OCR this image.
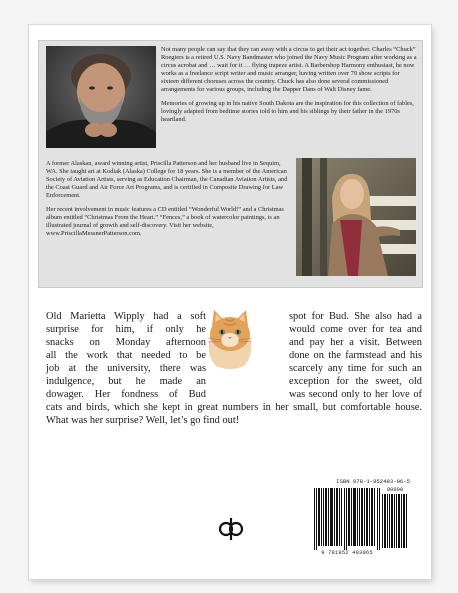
Not many people can say that they ran away with a circus to get their act together. Charles “Chuck” Roegiers is a retired U.S. Navy Bandmaster who joined the Navy Music Program after working as a circus acrobat and … wait for it … flying trapeze artist. A Barbershop Harmony enthusiast, he now works as a freelance script writer and music arranger, having written over 70 show scripts for sixteen different choruses across the country. Chuck has also done several commissioned arrangements for various groups, including the Dapper Dans of Walt Disney fame.

Memories of growing up in his native South Dakota are the inspiration for this collection of fables, lovingly adapted from bedtime stories told to him and his siblings by their father in the 1970s heartland.

A former Alaskan, award winning artist, Priscilla Patterson and her husband live in Sequim, WA. She taught art at Kodiak (Alaska) College for 18 years. She is a member of the American Society of Aviation Artists, serving as Education Chairman, the Canadian Aviation Artists, and the Coast Guard and Air Force Art Programs, and is certified in Composite Drawing for Law Enforcement.

Her recent involvement in music features a CD entitled “Wonderful World!” and a Christmas album entitled “Christmas From the Heart.” “Fences,” a book of watercolor paintings, is an illustrated journal of growth and self-discovery. Visit her website, www.PriscillaMessnerPatterson.com.

Old Marietta Wipply had a soft
surprise for him, if only he
snacks on Monday afternoon
all the work that needed to be
job at the university, there was
indulgence, but he made an
dowager. Her fondness of Bud
spot for Bud. She also had a
would come over for tea and
and pay her a visit. Between
done on the farmstead and his
scarcely any time for such an
exception for the sweet, old
was second only to her love of
cats and birds, which she kept in great numbers in her small, but comfortable house.
What was her surprise? Well, let’s go find out!
ISBN 978-1-952493-06-5
90000
9 781952 493065
